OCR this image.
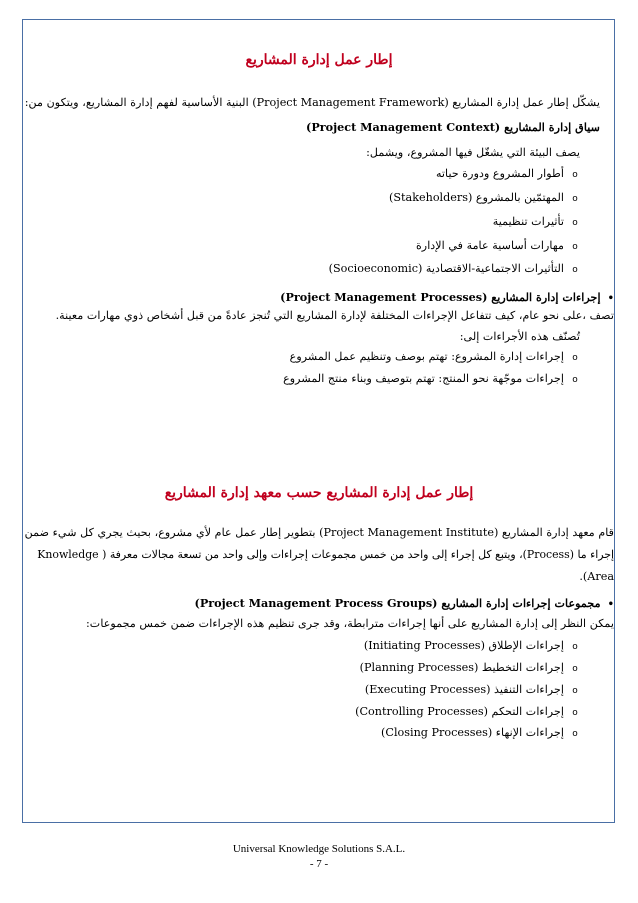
إطار عمل إدارة المشاريع
يشكّل إطار عمل إدارة المشاريع (Project Management Framework) البنية الأساسية لفهم إدارة المشاريع، ويتكون من:
سياق إدارة المشاريع (Project Management Context)
يصف البيئة التي يشغّل فيها المشروع، ويشمل:
oأطوار المشروع ودورة حياته
oالمهتمّين بالمشروع (Stakeholders)
oتأثيرات تنظيمية
oمهارات أساسية عامة في الإدارة
oالتأثيرات الاجتماعية-الاقتصادية (Socioeconomic)
•إجراءات إدارة المشاريع (Project Management Processes)
تصف ،على نحو عام، كيف تتفاعل الإجراءات المختلفة لإدارة المشاريع التي تُنجز عادةً من قبل أشخاص ذوي مهارات معينة.
تُصنّف هذه الأجراءات إلى:
oإجراءات إدارة المشروع: تهتم بوصف وتنظيم عمل المشروع
oإجراءات موجّهة نحو المنتج: تهتم بتوصيف وبناء منتج المشروع
إطار عمل إدارة المشاريع حسب معهد إدارة المشاريع
قام معهد إدارة المشاريع (Project Management Institute) بتطوير إطار عمل عام لأي مشروع، بحيث يجري كل شيء ضمن
إجراء ما (Process)، ويتبع كل إجراء إلى واحد من خمس مجموعات إجراءات وإلى واحد من تسعة مجالات معرفة ( Knowledge
.(Area
•مجموعات إجراءات إدارة المشاريع (Project Management Process Groups)
يمكن النظر إلى إدارة المشاريع على أنها إجراءات مترابطة، وقد جرى تنظيم هذه الإجراءات ضمن خمس مجموعات:
oإجراءات الإطلاق (Initiating Processes)
oإجراءات التخطيط (Planning Processes)
oإجراءات التنفيذ (Executing Processes)
oإجراءات التحكم (Controlling Processes)
oإجراءات الإنهاء (Closing Processes)
Universal Knowledge Solutions S.A.L.
- 7 -
